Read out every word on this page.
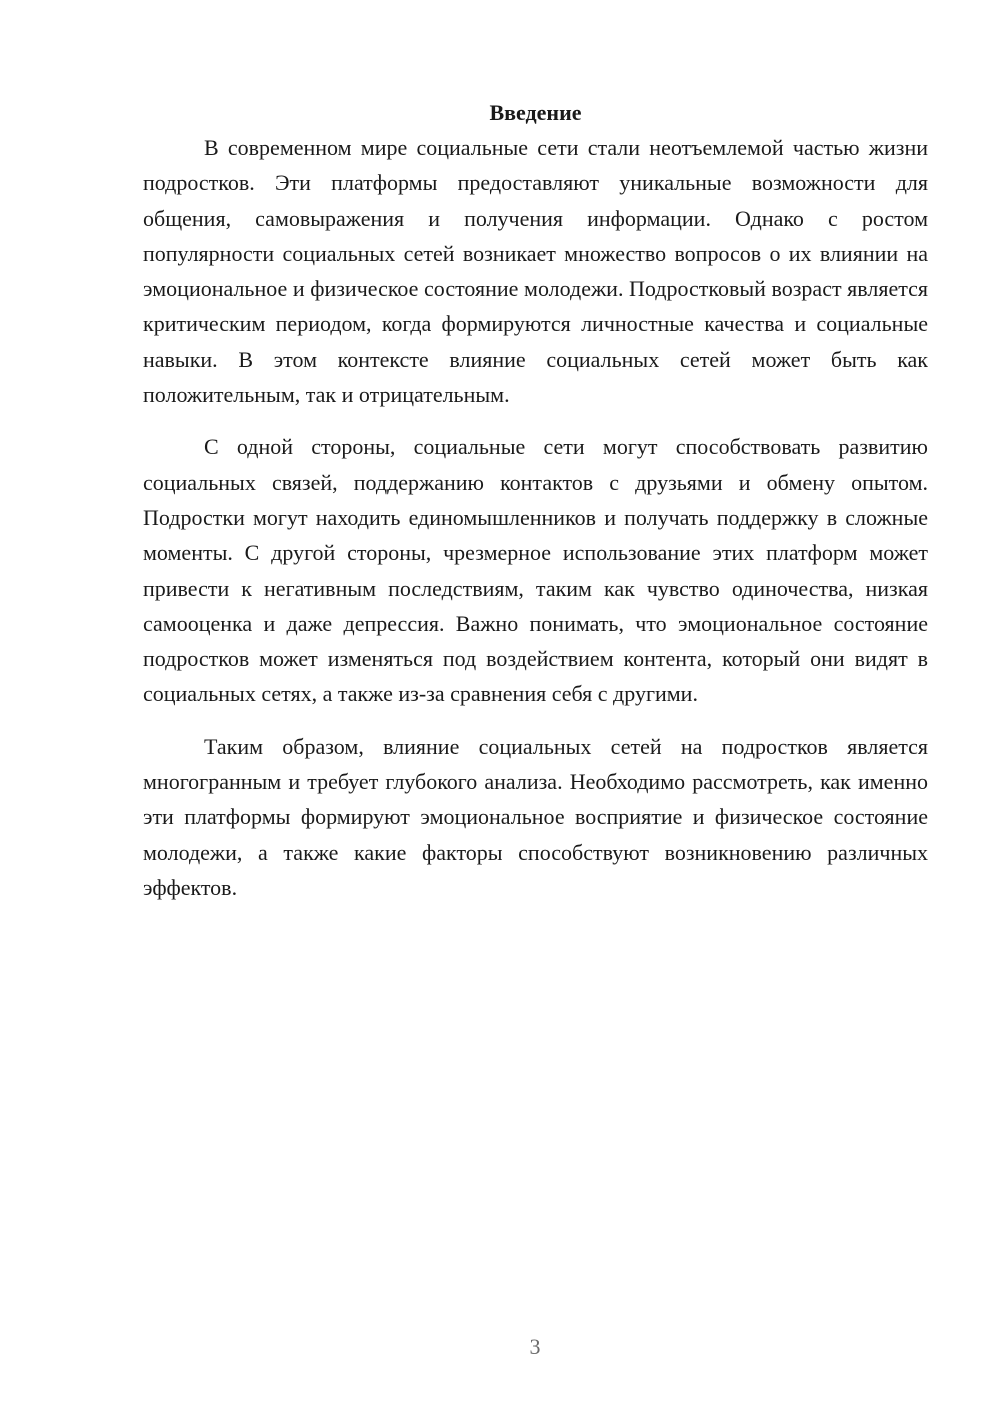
Введение

В современном мире социальные сети стали неотъемлемой частью жизни подростков. Эти платформы предоставляют уникальные возможности для общения, самовыражения и получения информации. Однако с ростом популярности социальных сетей возникает множество вопросов о их влиянии на эмоциональное и физическое состояние молодежи. Подростковый возраст является критическим периодом, когда формируются личностные качества и социальные навыки. В этом контексте влияние социальных сетей может быть как положительным, так и отрицательным.

С одной стороны, социальные сети могут способствовать развитию социальных связей, поддержанию контактов с друзьями и обмену опытом. Подростки могут находить единомышленников и получать поддержку в сложные моменты. С другой стороны, чрезмерное использование этих платформ может привести к негативным последствиям, таким как чувство одиночества, низкая самооценка и даже депрессия. Важно понимать, что эмоциональное состояние подростков может изменяться под воздействием контента, который они видят в социальных сетях, а также из-за сравнения себя с другими.

Таким образом, влияние социальных сетей на подростков является многогранным и требует глубокого анализа. Необходимо рассмотреть, как именно эти платформы формируют эмоциональное восприятие и физическое состояние молодежи, а также какие факторы способствуют возникновению различных эффектов.

3
